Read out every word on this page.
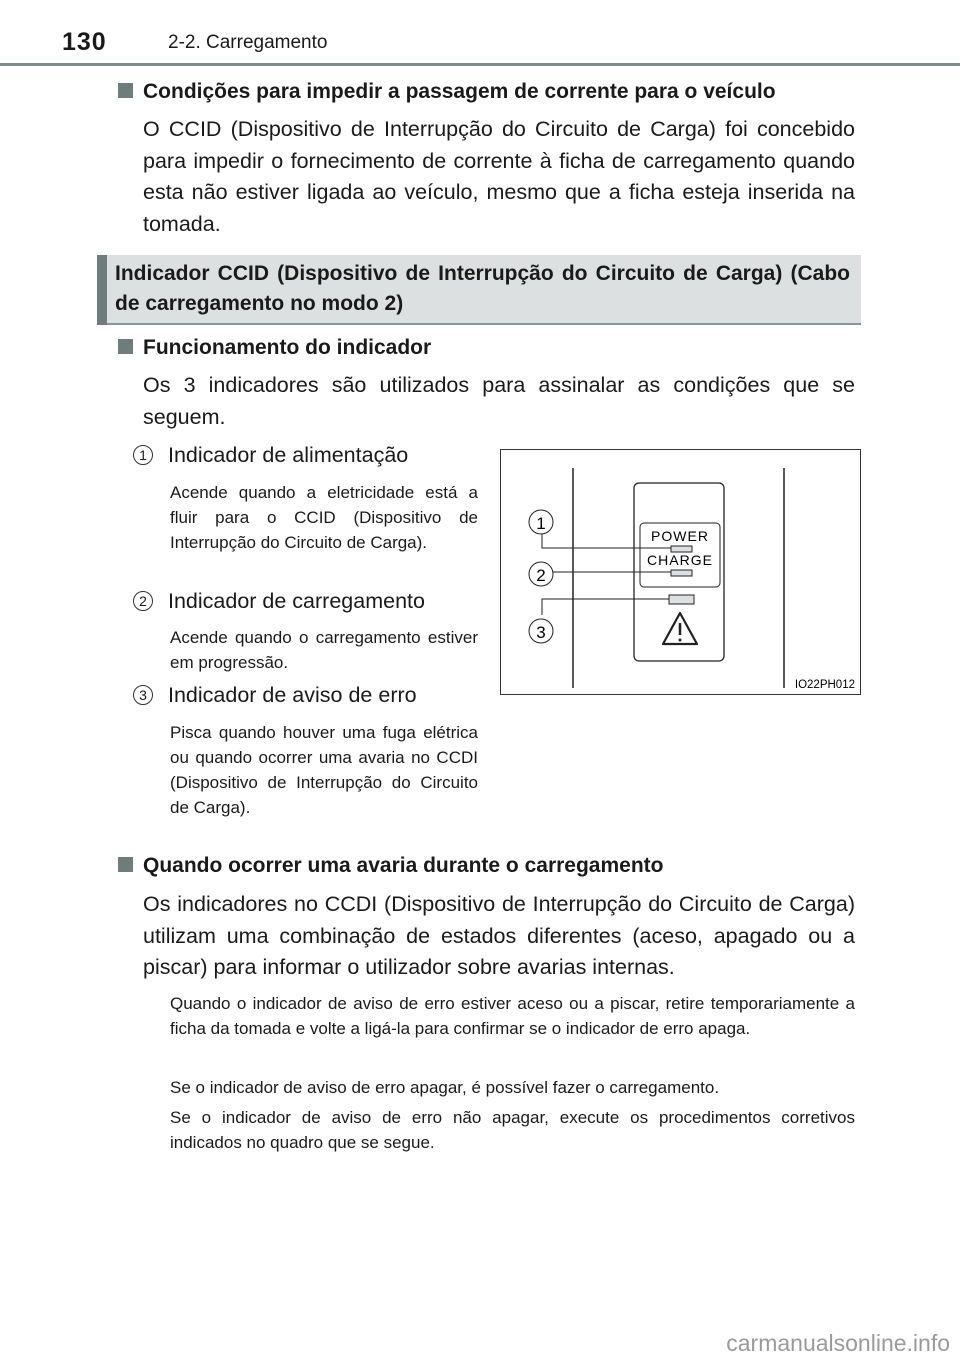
130	2-2. Carregamento
Condições para impedir a passagem de corrente para o veículo
O CCID (Dispositivo de Interrupção do Circuito de Carga) foi concebido para impedir o fornecimento de corrente à ficha de carregamento quando esta não estiver ligada ao veículo, mesmo que a ficha esteja inserida na tomada.
Indicador CCID (Dispositivo de Interrupção do Circuito de Carga) (Cabo de carregamento no modo 2)
Funcionamento do indicador
Os 3 indicadores são utilizados para assinalar as condições que se seguem.
1 Indicador de alimentação
Acende quando a eletricidade está a fluir para o CCID (Dispositivo de Interrupção do Circuito de Carga).
2 Indicador de carregamento
Acende quando o carregamento estiver em progressão.
3 Indicador de aviso de erro
Pisca quando houver uma fuga elétrica ou quando ocorrer uma avaria no CCDI (Dispositivo de Interrupção do Circuito de Carga).
POWER
CHARGE
1
2
3
IO22PH012
Quando ocorrer uma avaria durante o carregamento
Os indicadores no CCDI (Dispositivo de Interrupção do Circuito de Carga) utilizam uma combinação de estados diferentes (aceso, apagado ou a piscar) para informar o utilizador sobre avarias internas.
Quando o indicador de aviso de erro estiver aceso ou a piscar, retire temporariamente a ficha da tomada e volte a ligá-la para confirmar se o indicador de erro apaga.
Se o indicador de aviso de erro apagar, é possível fazer o carregamento.
Se o indicador de aviso de erro não apagar, execute os procedimentos corretivos indicados no quadro que se segue.
carmanualsonline.info
